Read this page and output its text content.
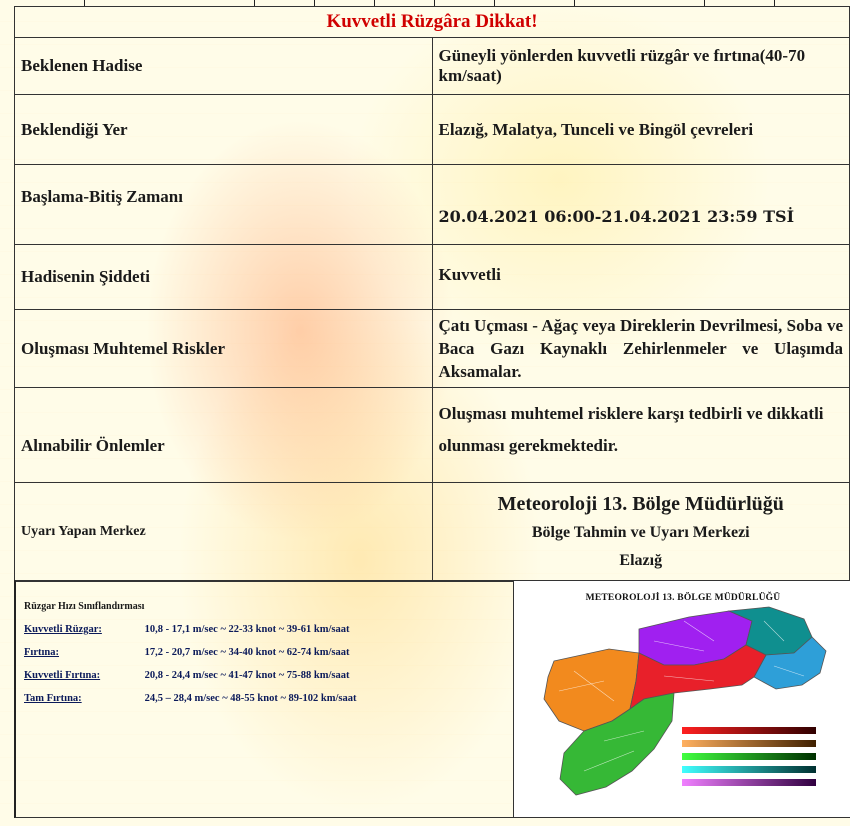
Kuvvetli Rüzgâra Dikkat!	
Beklenen Hadise	Güneyli yönlerden kuvvetli rüzgâr ve fırtına(40-70 km/saat)
Beklendiği Yer	Elazığ, Malatya, Tunceli ve Bingöl çevreleri
Başlama-Bitiş Zamanı	20.04.2021 06:00-21.04.2021 23:59 TSİ
Hadisenin Şiddeti	Kuvvetli
Oluşması Muhtemel Riskler	Çatı Uçması - Ağaç veya Direklerin Devrilmesi, Soba ve Baca Gazı Kaynaklı Zehirlenmeler ve Ulaşımda Aksamalar.
Alınabilir Önlemler	Oluşması muhtemel risklere karşı tedbirli ve dikkatli olunması gerekmektedir.
Uyarı Yapan Merkez	Meteoroloji 13. Bölge Müdürlüğü
Bölge Tahmin ve Uyarı Merkezi
Elazığ
Rüzgar Hızı Sınıflandırması
Kuvvetli Rüzgar:	10,8 - 17,1 m/sec ~ 22-33 knot ~ 39-61 km/saat
Fırtına:	17,2 - 20,7 m/sec ~ 34-40 knot ~ 62-74 km/saat
Kuvvetli Fırtına:	20,8 - 24,4 m/sec ~ 41-47 knot ~ 75-88 km/saat
Tam Fırtına:	24,5 – 28,4 m/sec ~ 48-55 knot ~ 89-102 km/saat
METEOROLOJİ 13. BÖLGE MÜDÜRLÜĞÜ
